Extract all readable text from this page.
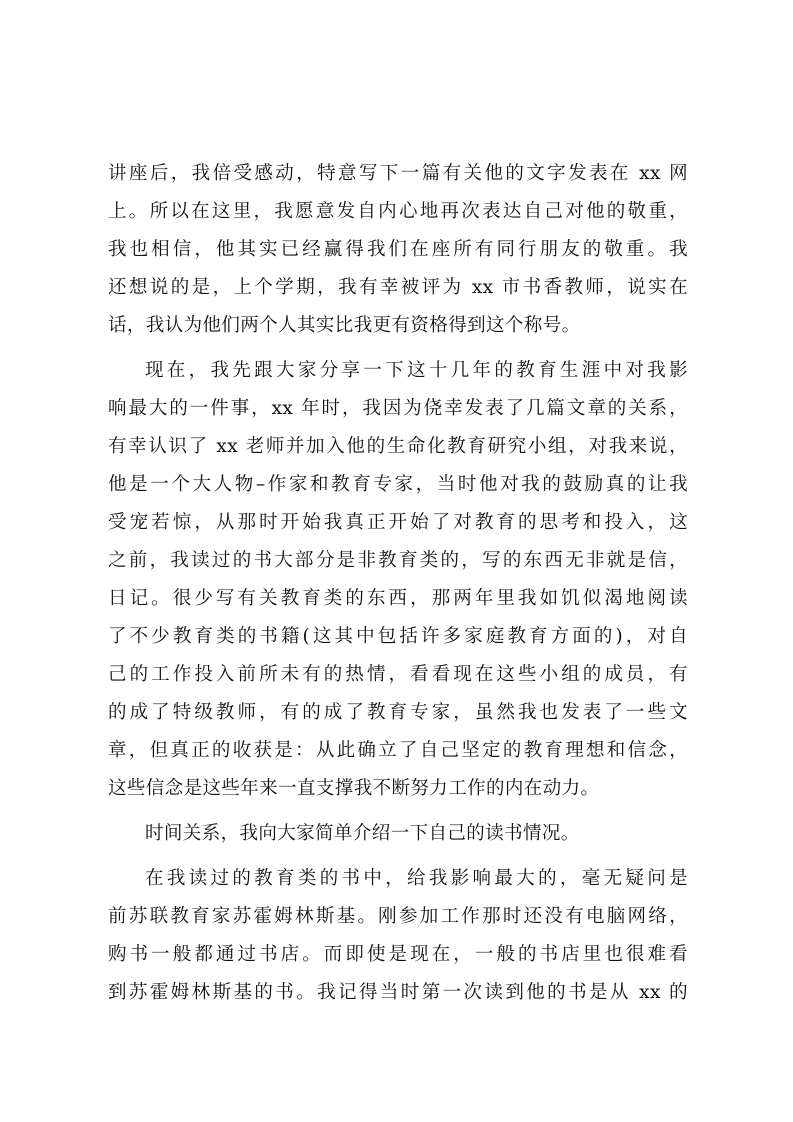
讲座后，我倍受感动，特意写下一篇有关他的文字发表在 xx 网
上。所以在这里，我愿意发自内心地再次表达自己对他的敬重，
我也相信，他其实已经赢得我们在座所有同行朋友的敬重。我
还想说的是，上个学期，我有幸被评为 xx 市书香教师，说实在
话，我认为他们两个人其实比我更有资格得到这个称号。
现在，我先跟大家分享一下这十几年的教育生涯中对我影
响最大的一件事，xx 年时，我因为侥幸发表了几篇文章的关系，
有幸认识了 xx 老师并加入他的生命化教育研究小组，对我来说，
他是一个大人物–作家和教育专家，当时他对我的鼓励真的让我
受宠若惊，从那时开始我真正开始了对教育的思考和投入，这
之前，我读过的书大部分是非教育类的，写的东西无非就是信，
日记。很少写有关教育类的东西，那两年里我如饥似渴地阅读
了不少教育类的书籍(这其中包括许多家庭教育方面的)，对自
己的工作投入前所未有的热情，看看现在这些小组的成员，有
的成了特级教师，有的成了教育专家，虽然我也发表了一些文
章，但真正的收获是：从此确立了自己坚定的教育理想和信念，
这些信念是这些年来一直支撑我不断努力工作的内在动力。
时间关系，我向大家简单介绍一下自己的读书情况。
在我读过的教育类的书中，给我影响最大的，毫无疑问是
前苏联教育家苏霍姆林斯基。刚参加工作那时还没有电脑网络，
购书一般都通过书店。而即使是现在，一般的书店里也很难看
到苏霍姆林斯基的书。我记得当时第一次读到他的书是从 xx 的
